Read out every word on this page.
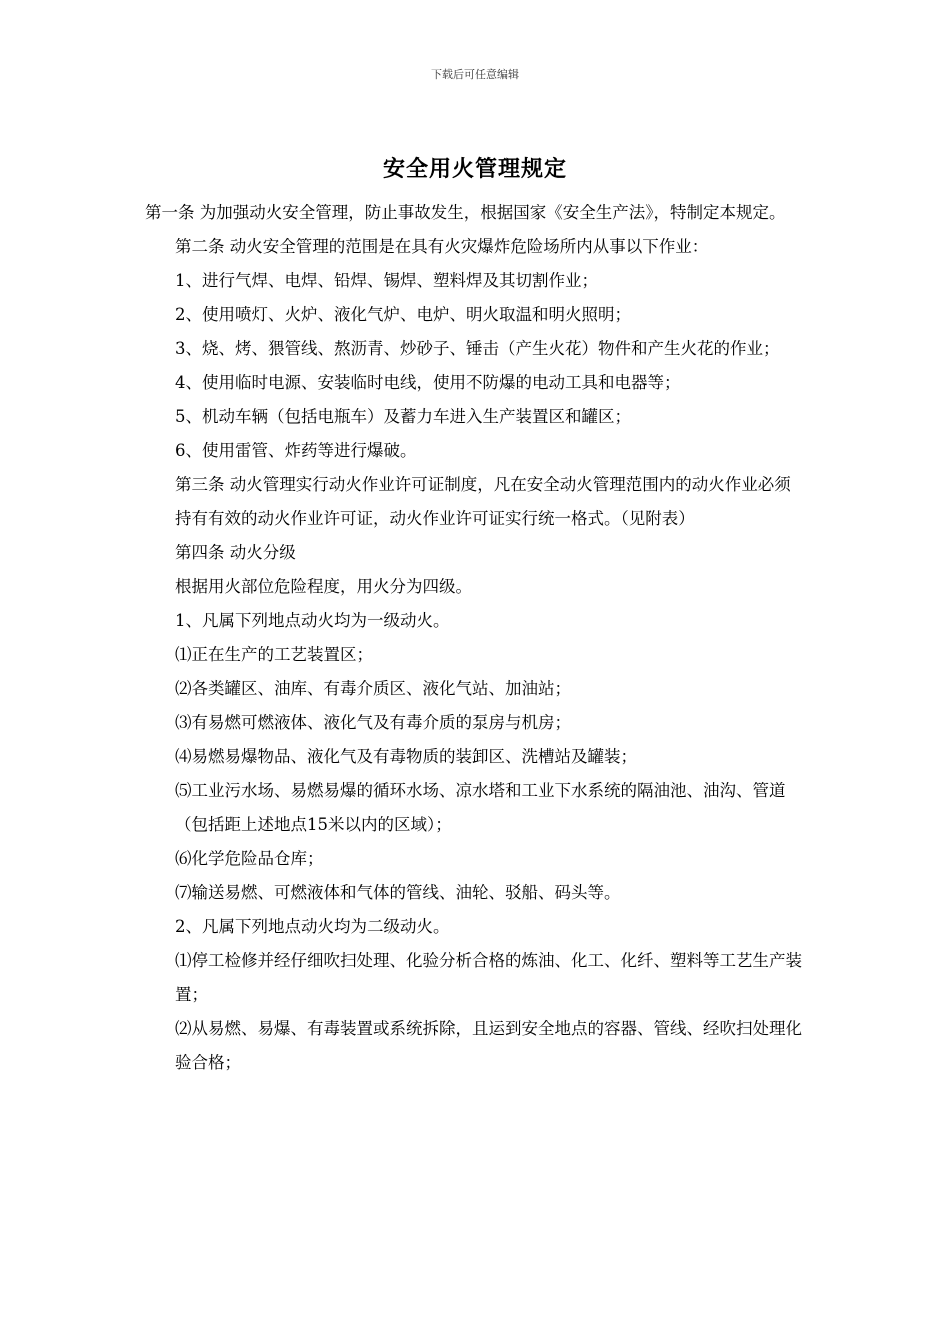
下载后可任意编辑
安全用火管理规定

第一条 为加强动火安全管理，防止事故发生，根据国家《安全生产法》，特制定本规定。

第二条 动火安全管理的范围是在具有火灾爆炸危险场所内从事以下作业：

1、进行气焊、电焊、铅焊、锡焊、塑料焊及其切割作业；

2、使用喷灯、火炉、液化气炉、电炉、明火取温和明火照明；

3、烧、烤、猥管线、熬沥青、炒砂子、锤击（产生火花）物件和产生火花的作业；

4、使用临时电源、安装临时电线，使用不防爆的电动工具和电器等；

5、机动车辆（包括电瓶车）及蓄力车进入生产装置区和罐区；

6、使用雷管、炸药等进行爆破。

第三条 动火管理实行动火作业许可证制度，凡在安全动火管理范围内的动火作业必须持有有效的动火作业许可证，动火作业许可证实行统一格式。（见附表）

第四条 动火分级

根据用火部位危险程度，用火分为四级。

1、凡属下列地点动火均为一级动火。

⑴正在生产的工艺装置区；

⑵各类罐区、油库、有毒介质区、液化气站、加油站；

⑶有易燃可燃液体、液化气及有毒介质的泵房与机房；

⑷易燃易爆物品、液化气及有毒物质的装卸区、洗槽站及罐装；

⑸工业污水场、易燃易爆的循环水场、凉水塔和工业下水系统的隔油池、油沟、管道（包括距上述地点15米以内的区域）；

⑹化学危险品仓库；

⑺输送易燃、可燃液体和气体的管线、油轮、驳船、码头等。

2、凡属下列地点动火均为二级动火。

⑴停工检修并经仔细吹扫处理、化验分析合格的炼油、化工、化纤、塑料等工艺生产装置；

⑵从易燃、易爆、有毒装置或系统拆除，且运到安全地点的容器、管线、经吹扫处理化验合格；
